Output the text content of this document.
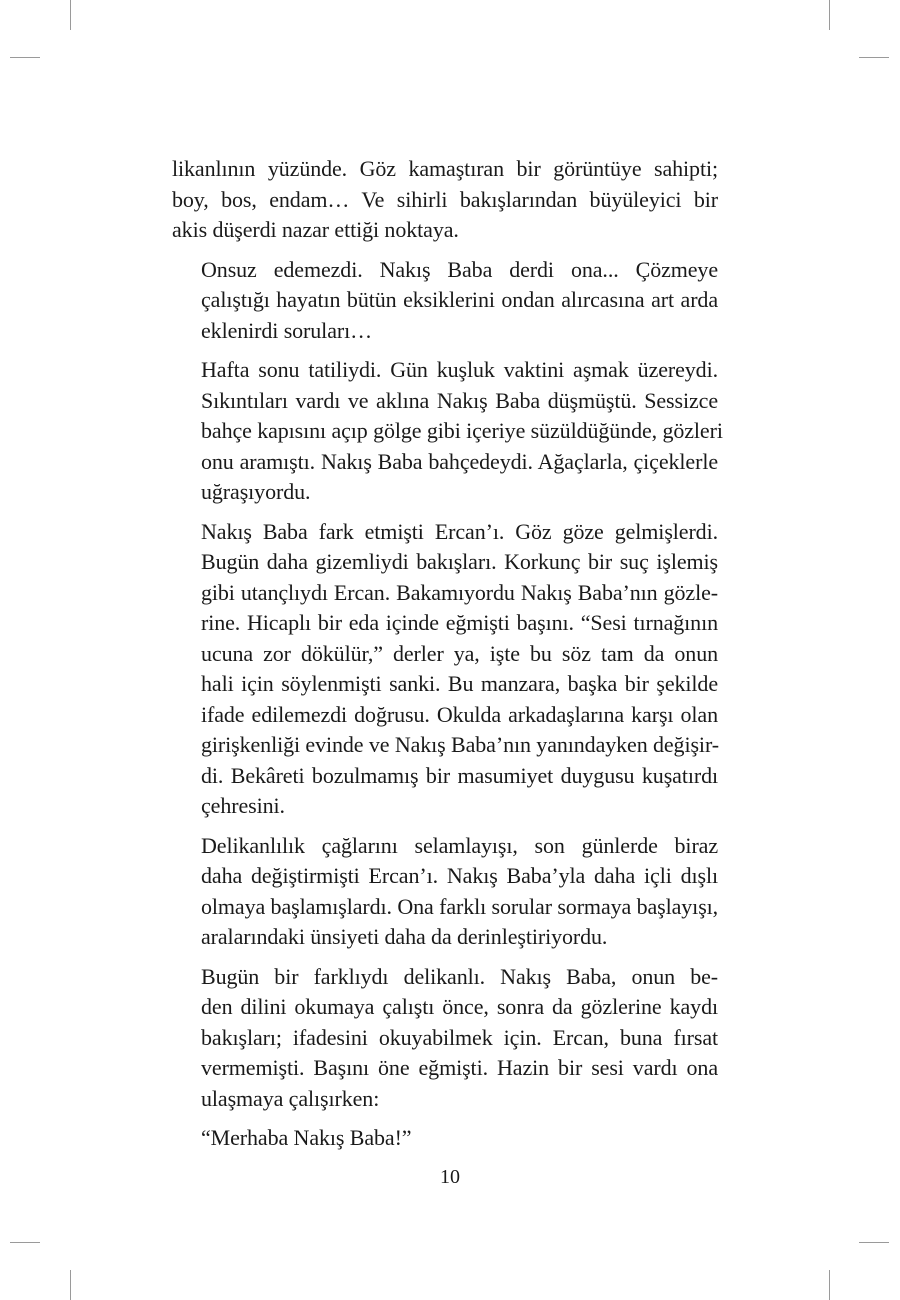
likanlının yüzünde. Göz kamaştıran bir görüntüye sahipti;
boy, bos, endam… Ve sihirli bakışlarından büyüleyici bir
akis düşerdi nazar ettiği noktaya.
Onsuz edemezdi. Nakış Baba derdi ona... Çözmeye
çalıştığı hayatın bütün eksiklerini ondan alırcasına art arda
eklenirdi soruları…
Hafta sonu tatiliydi. Gün kuşluk vaktini aşmak üzereydi.
Sıkıntıları vardı ve aklına Nakış Baba düşmüştü. Sessizce
bahçe kapısını açıp gölge gibi içeriye süzüldüğünde, gözleri
onu aramıştı. Nakış Baba bahçedeydi. Ağaçlarla, çiçeklerle
uğraşıyordu.
Nakış Baba fark etmişti Ercan’ı. Göz göze gelmişlerdi.
Bugün daha gizemliydi bakışları. Korkunç bir suç işlemiş
gibi utançlıydı Ercan. Bakamıyordu Nakış Baba’nın gözle-
rine. Hicaplı bir eda içinde eğmişti başını. “Sesi tırnağının
ucuna zor dökülür,” derler ya, işte bu söz tam da onun
hali için söylenmişti sanki. Bu manzara, başka bir şekilde
ifade edilemezdi doğrusu. Okulda arkadaşlarına karşı olan
girişkenliği evinde ve Nakış Baba’nın yanındayken değişir-
di. Bekâreti bozulmamış bir masumiyet duygusu kuşatırdı
çehresini.
Delikanlılık çağlarını selamlayışı, son günlerde biraz
daha değiştirmişti Ercan’ı. Nakış Baba’yla daha içli dışlı
olmaya başlamışlardı. Ona farklı sorular sormaya başlayışı,
aralarındaki ünsiyeti daha da derinleştiriyordu.
Bugün bir farklıydı delikanlı. Nakış Baba, onun be-
den dilini okumaya çalıştı önce, sonra da gözlerine kaydı
bakışları; ifadesini okuyabilmek için. Ercan, buna fırsat
vermemişti. Başını öne eğmişti. Hazin bir sesi vardı ona
ulaşmaya çalışırken:
“Merhaba Nakış Baba!”
10
